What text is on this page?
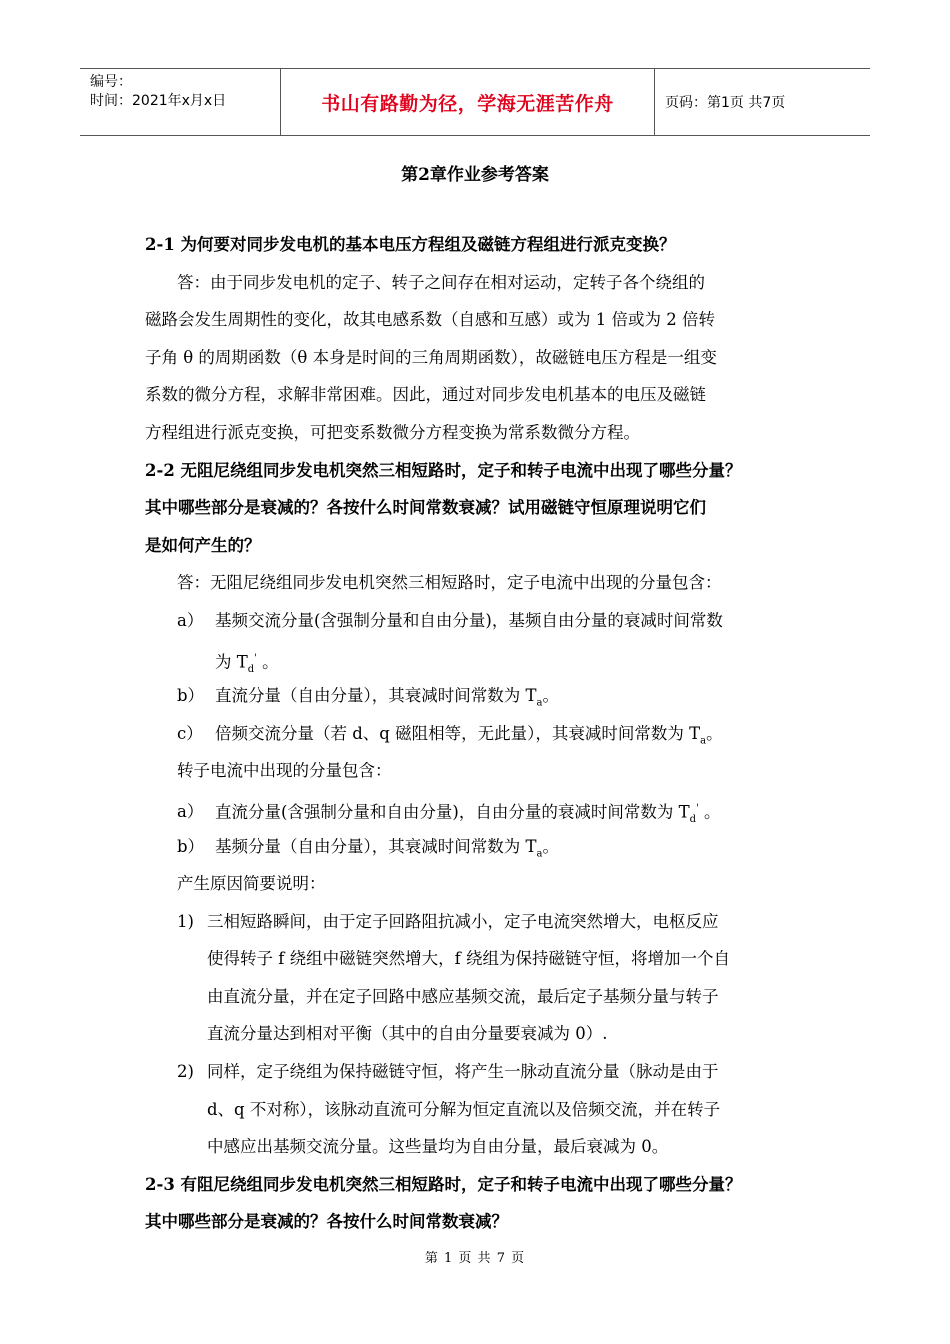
编号：
时间：2021年x月x日	书山有路勤为径，学海无涯苦作舟	页码：第1页 共7页
第2章作业参考答案
2-1 为何要对同步发电机的基本电压方程组及磁链方程组进行派克变换？
答：由于同步发电机的定子、转子之间存在相对运动，定转子各个绕组的
磁路会发生周期性的变化，故其电感系数（自感和互感）或为 1 倍或为 2 倍转
子角 θ 的周期函数（θ 本身是时间的三角周期函数），故磁链电压方程是一组变
系数的微分方程，求解非常困难。因此，通过对同步发电机基本的电压及磁链
方程组进行派克变换，可把变系数微分方程变换为常系数微分方程。
2-2 无阻尼绕组同步发电机突然三相短路时，定子和转子电流中出现了哪些分量？
其中哪些部分是衰减的？各按什么时间常数衰减？试用磁链守恒原理说明它们
是如何产生的？
答：无阻尼绕组同步发电机突然三相短路时，定子电流中出现的分量包含：
a） 基频交流分量(含强制分量和自由分量)，基频自由分量的衰减时间常数
为 $T_d'$ 。
b） 直流分量（自由分量），其衰减时间常数为 $T_a$。
c） 倍频交流分量（若 d、q 磁阻相等，无此量），其衰减时间常数为 $T_a$。
转子电流中出现的分量包含：
a） 直流分量(含强制分量和自由分量)，自由分量的衰减时间常数为 $T_d'$ 。
b） 基频分量（自由分量），其衰减时间常数为 $T_a$。
产生原因简要说明：
1) 三相短路瞬间，由于定子回路阻抗减小，定子电流突然增大，电枢反应
使得转子 f 绕组中磁链突然增大，f 绕组为保持磁链守恒，将增加一个自
由直流分量，并在定子回路中感应基频交流，最后定子基频分量与转子
直流分量达到相对平衡（其中的自由分量要衰减为 0）.
2) 同样，定子绕组为保持磁链守恒，将产生一脉动直流分量（脉动是由于
d、q 不对称），该脉动直流可分解为恒定直流以及倍频交流，并在转子
中感应出基频交流分量。这些量均为自由分量，最后衰减为 0。
2-3 有阻尼绕组同步发电机突然三相短路时，定子和转子电流中出现了哪些分量？
其中哪些部分是衰减的？各按什么时间常数衰减？
第 1 页 共 7 页
